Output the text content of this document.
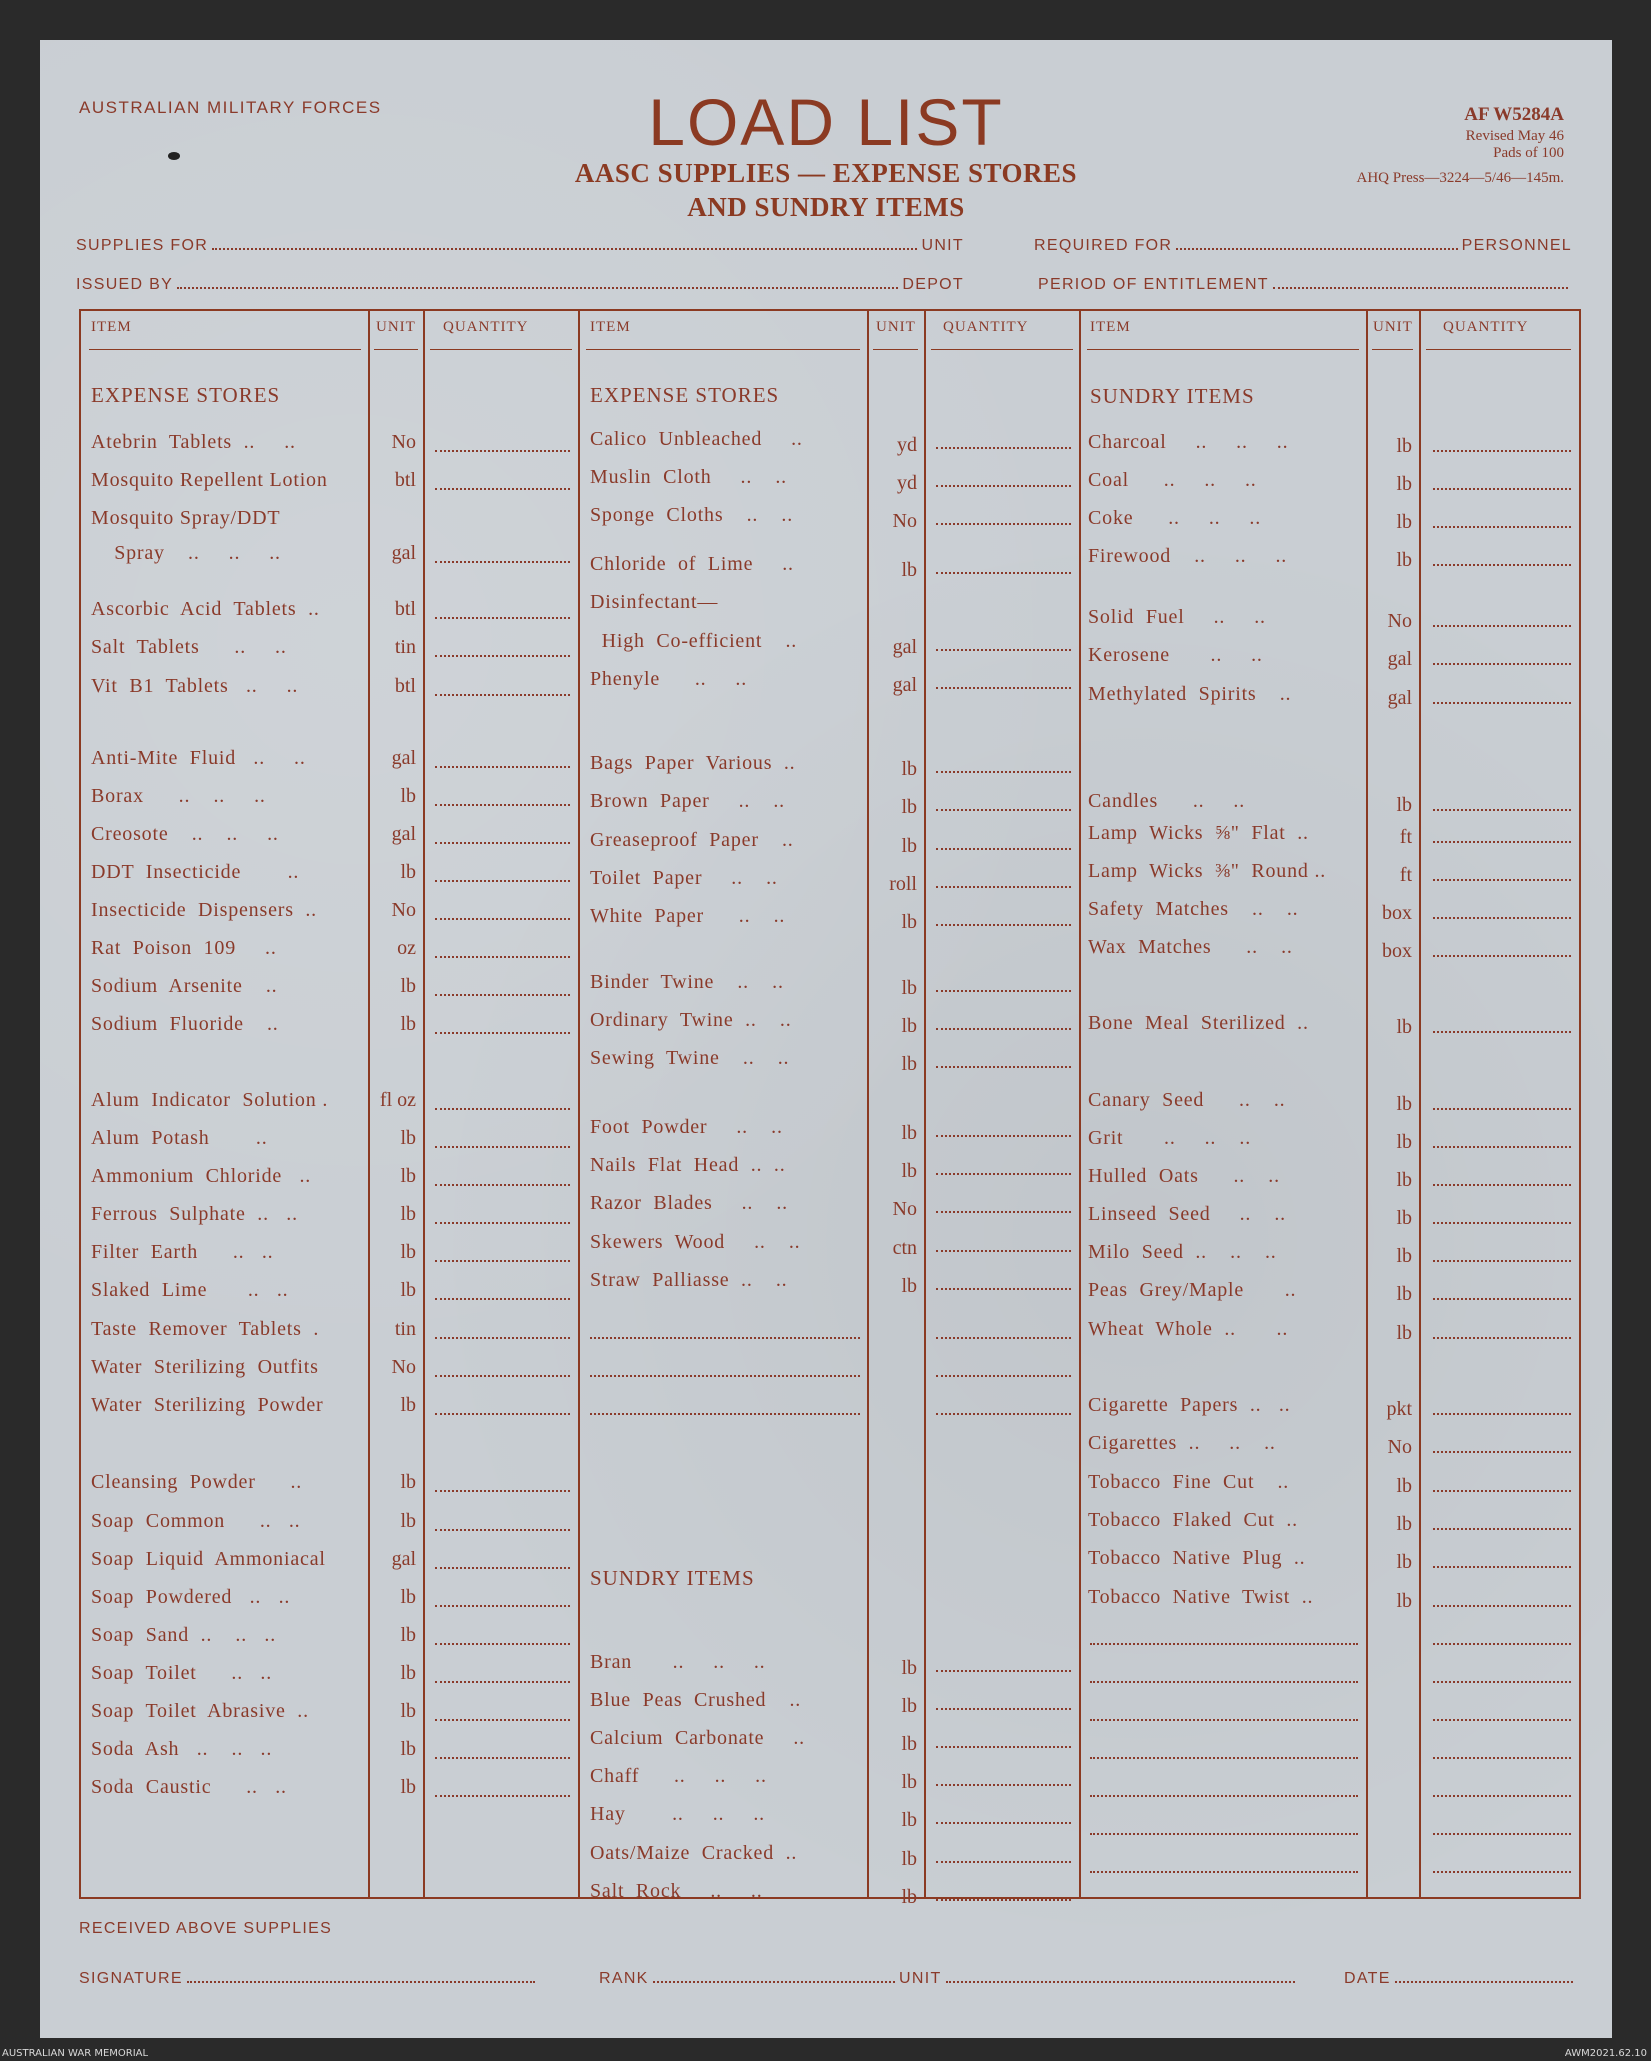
AUSTRALIAN MILITARY FORCES	LOAD LIST
AASC SUPPLIES — EXPENSE STORES
AND SUNDRY ITEMS
AF W5284A
Revised May 46
Pads of 100
AHQ Press—3224—5/46—145m.
SUPPLIES FOR	UNIT	REQUIRED FOR	PERSONNEL
ISSUED BY	DEPOT	PERIOD OF ENTITLEMENT
ITEM	UNIT QUANTITY	ITEM	UNIT QUANTITY	ITEM	UNIT QUANTITY
EXPENSE STORES	EXPENSE STORES	SUNDRY ITEMS
SUNDRY ITEMS
Atebrin  Tablets  ..     ..	No
Mosquito Repellent Lotion	btl
Mosquito Spray/DDT
Spray    ..     ..     ..	gal
Ascorbic  Acid  Tablets  ..	btl
Salt  Tablets      ..     ..	tin
Vit  B1  Tablets   ..     ..	btl
Anti-Mite  Fluid   ..     ..	gal
Borax      ..    ..     ..	lb
Creosote    ..    ..     ..	gal
DDT  Insecticide        ..	lb
Insecticide  Dispensers  ..	No
Rat  Poison  109     ..	oz
Sodium  Arsenite    ..	lb
Sodium  Fluoride    ..	lb
Alum  Indicator  Solution .	fl oz
Alum  Potash        ..	lb
Ammonium  Chloride   ..	lb
Ferrous  Sulphate  ..   ..	lb
Filter  Earth      ..   ..	lb
Slaked  Lime       ..   ..	lb
Taste  Remover  Tablets  .	tin
Water  Sterilizing  Outfits	No
Water  Sterilizing  Powder	lb
Cleansing  Powder      ..	lb
Soap  Common      ..   ..	lb
Soap  Liquid  Ammoniacal	gal
Soap  Powdered   ..   ..	lb
Soap  Sand  ..    ..   ..	lb
Soap  Toilet      ..   ..	lb
Soap  Toilet  Abrasive  ..	lb
Soda  Ash   ..    ..   ..	lb
Soda  Caustic      ..   ..	lb
Calico  Unbleached     ..	yd
Muslin  Cloth     ..    ..	yd
Sponge  Cloths    ..    ..	No
Chloride  of  Lime     ..	lb
Disinfectant—
High  Co-efficient    ..	gal
Phenyle      ..     ..	gal
Bags  Paper  Various  ..	lb
Brown  Paper     ..    ..	lb
Greaseproof  Paper    ..	lb
Toilet  Paper     ..    ..	roll
White  Paper      ..    ..	lb
Binder  Twine    ..    ..	lb
Ordinary  Twine  ..    ..	lb
Sewing  Twine    ..    ..	lb
Foot  Powder     ..    ..	lb
Nails  Flat  Head  ..  ..	lb
Razor  Blades     ..    ..	No
Skewers  Wood     ..    ..	ctn
Straw  Palliasse  ..    ..	lb
Bran       ..     ..     ..	lb
Blue  Peas  Crushed    ..	lb
Calcium  Carbonate     ..	lb
Chaff      ..     ..     ..	lb
Hay        ..     ..     ..	lb
Oats/Maize  Cracked  ..	lb
Salt  Rock     ..     ..	lb
Charcoal     ..     ..     ..	lb
Coal      ..     ..     ..	lb
Coke      ..     ..     ..	lb
Firewood    ..     ..     ..	lb
Solid  Fuel     ..     ..	No
Kerosene       ..     ..	gal
Methylated  Spirits    ..	gal
Candles      ..     ..	lb
Lamp  Wicks  ⅝"  Flat  ..	ft
Lamp  Wicks  ⅜"  Round ..	ft
Safety  Matches    ..    ..	box
Wax  Matches      ..    ..	box
Bone  Meal  Sterilized  ..	lb
Canary  Seed      ..    ..	lb
Grit       ..     ..    ..	lb
Hulled  Oats      ..    ..	lb
Linseed  Seed     ..    ..	lb
Milo  Seed  ..    ..    ..	lb
Peas  Grey/Maple       ..	lb
Wheat  Whole  ..       ..	lb
Cigarette  Papers  ..   ..	pkt
Cigarettes  ..     ..    ..	No
Tobacco  Fine  Cut    ..	lb
Tobacco  Flaked  Cut  ..	lb
Tobacco  Native  Plug  ..	lb
Tobacco  Native  Twist  ..	lb
RECEIVED ABOVE SUPPLIES
SIGNATURE	RANK	UNIT	DATE
AUSTRALIAN WAR MEMORIAL	AWM2021.62.10
